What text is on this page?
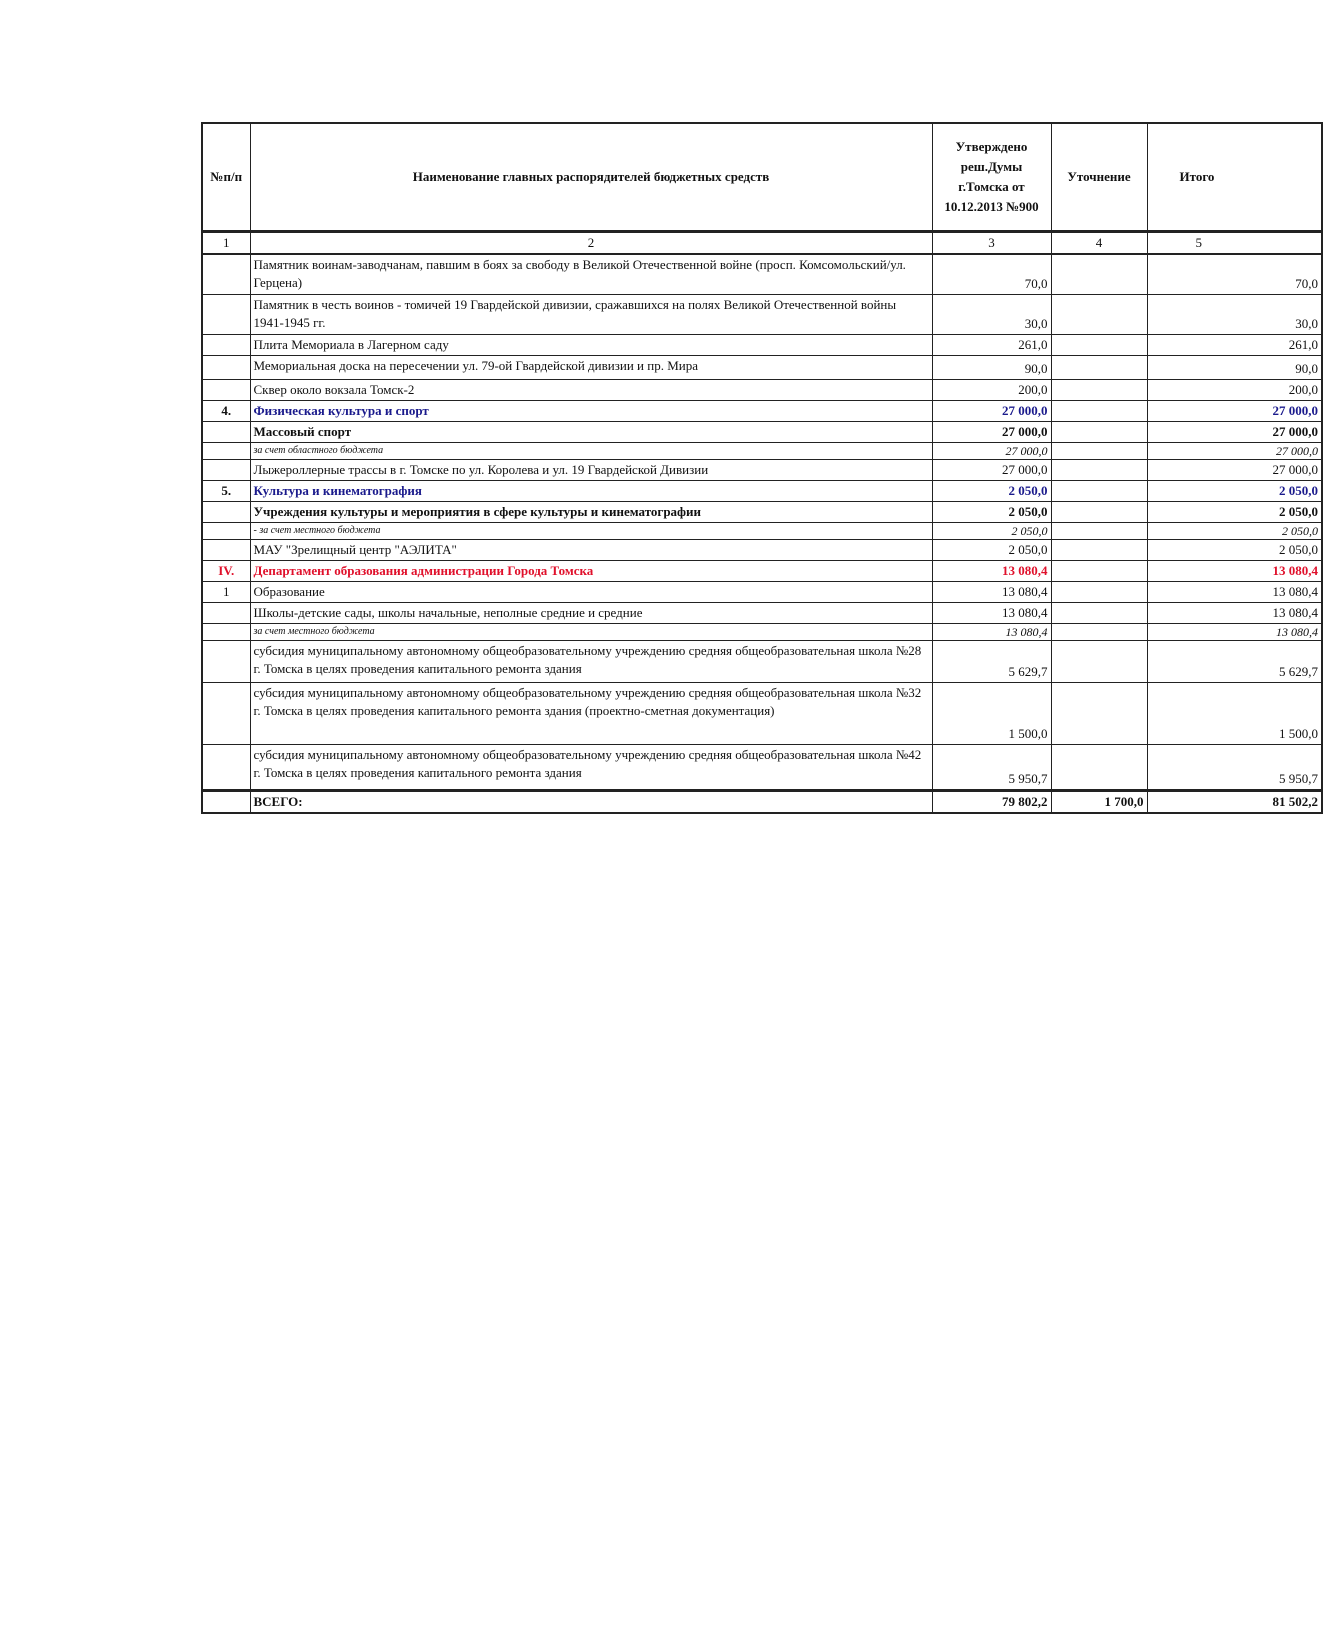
№п/п	Наименование главных распорядителей бюджетных средств	Утверждено реш.Думы г.Томска от 10.12.2013 №900	Уточнение	Итого
1	2	3	4	5
	Памятник воинам-заводчанам, павшим в боях за свободу в Великой Отечественной войне (просп. Комсомольский/ул. Герцена)	70,0		70,0
	Памятник в честь воинов - томичей 19 Гвардейской дивизии, сражавшихся на полях Великой Отечественной войны 1941-1945 гг.	30,0		30,0
	Плита Мемориала в Лагерном саду	261,0		261,0
	Мемориальная доска на пересечении ул. 79-ой Гвардейской дивизии и пр. Мира	90,0		90,0
	Сквер около вокзала Томск-2	200,0		200,0
4.	Физическая культура и спорт	27 000,0		27 000,0
	Массовый спорт	27 000,0		27 000,0
	за счет областного бюджета	27 000,0		27 000,0
	Лыжероллерные трассы в г. Томске по ул. Королева и ул. 19 Гвардейской Дивизии	27 000,0		27 000,0
5.	Культура и кинематография	2 050,0		2 050,0
	Учреждения культуры и мероприятия в сфере культуры и кинематографии	2 050,0		2 050,0
	- за счет местного бюджета	2 050,0		2 050,0
	МАУ "Зрелищный центр "АЭЛИТА"	2 050,0		2 050,0
IV.	Департамент образования администрации Города Томска	13 080,4		13 080,4
1	Образование	13 080,4		13 080,4
	Школы-детские сады, школы начальные, неполные средние и средние	13 080,4		13 080,4
	за счет местного бюджета	13 080,4		13 080,4
	субсидия муниципальному автономному общеобразовательному учреждению средняя общеобразовательная школа №28 г. Томска в целях проведения капитального ремонта здания	5 629,7		5 629,7
	субсидия муниципальному автономному общеобразовательному учреждению средняя общеобразовательная школа №32 г. Томска в целях проведения капитального ремонта здания (проектно-сметная документация)	1 500,0		1 500,0
	субсидия муниципальному автономному общеобразовательному учреждению средняя общеобразовательная школа №42 г. Томска в целях проведения капитального ремонта здания	5 950,7		5 950,7
	ВСЕГО:	79 802,2	1 700,0	81 502,2
